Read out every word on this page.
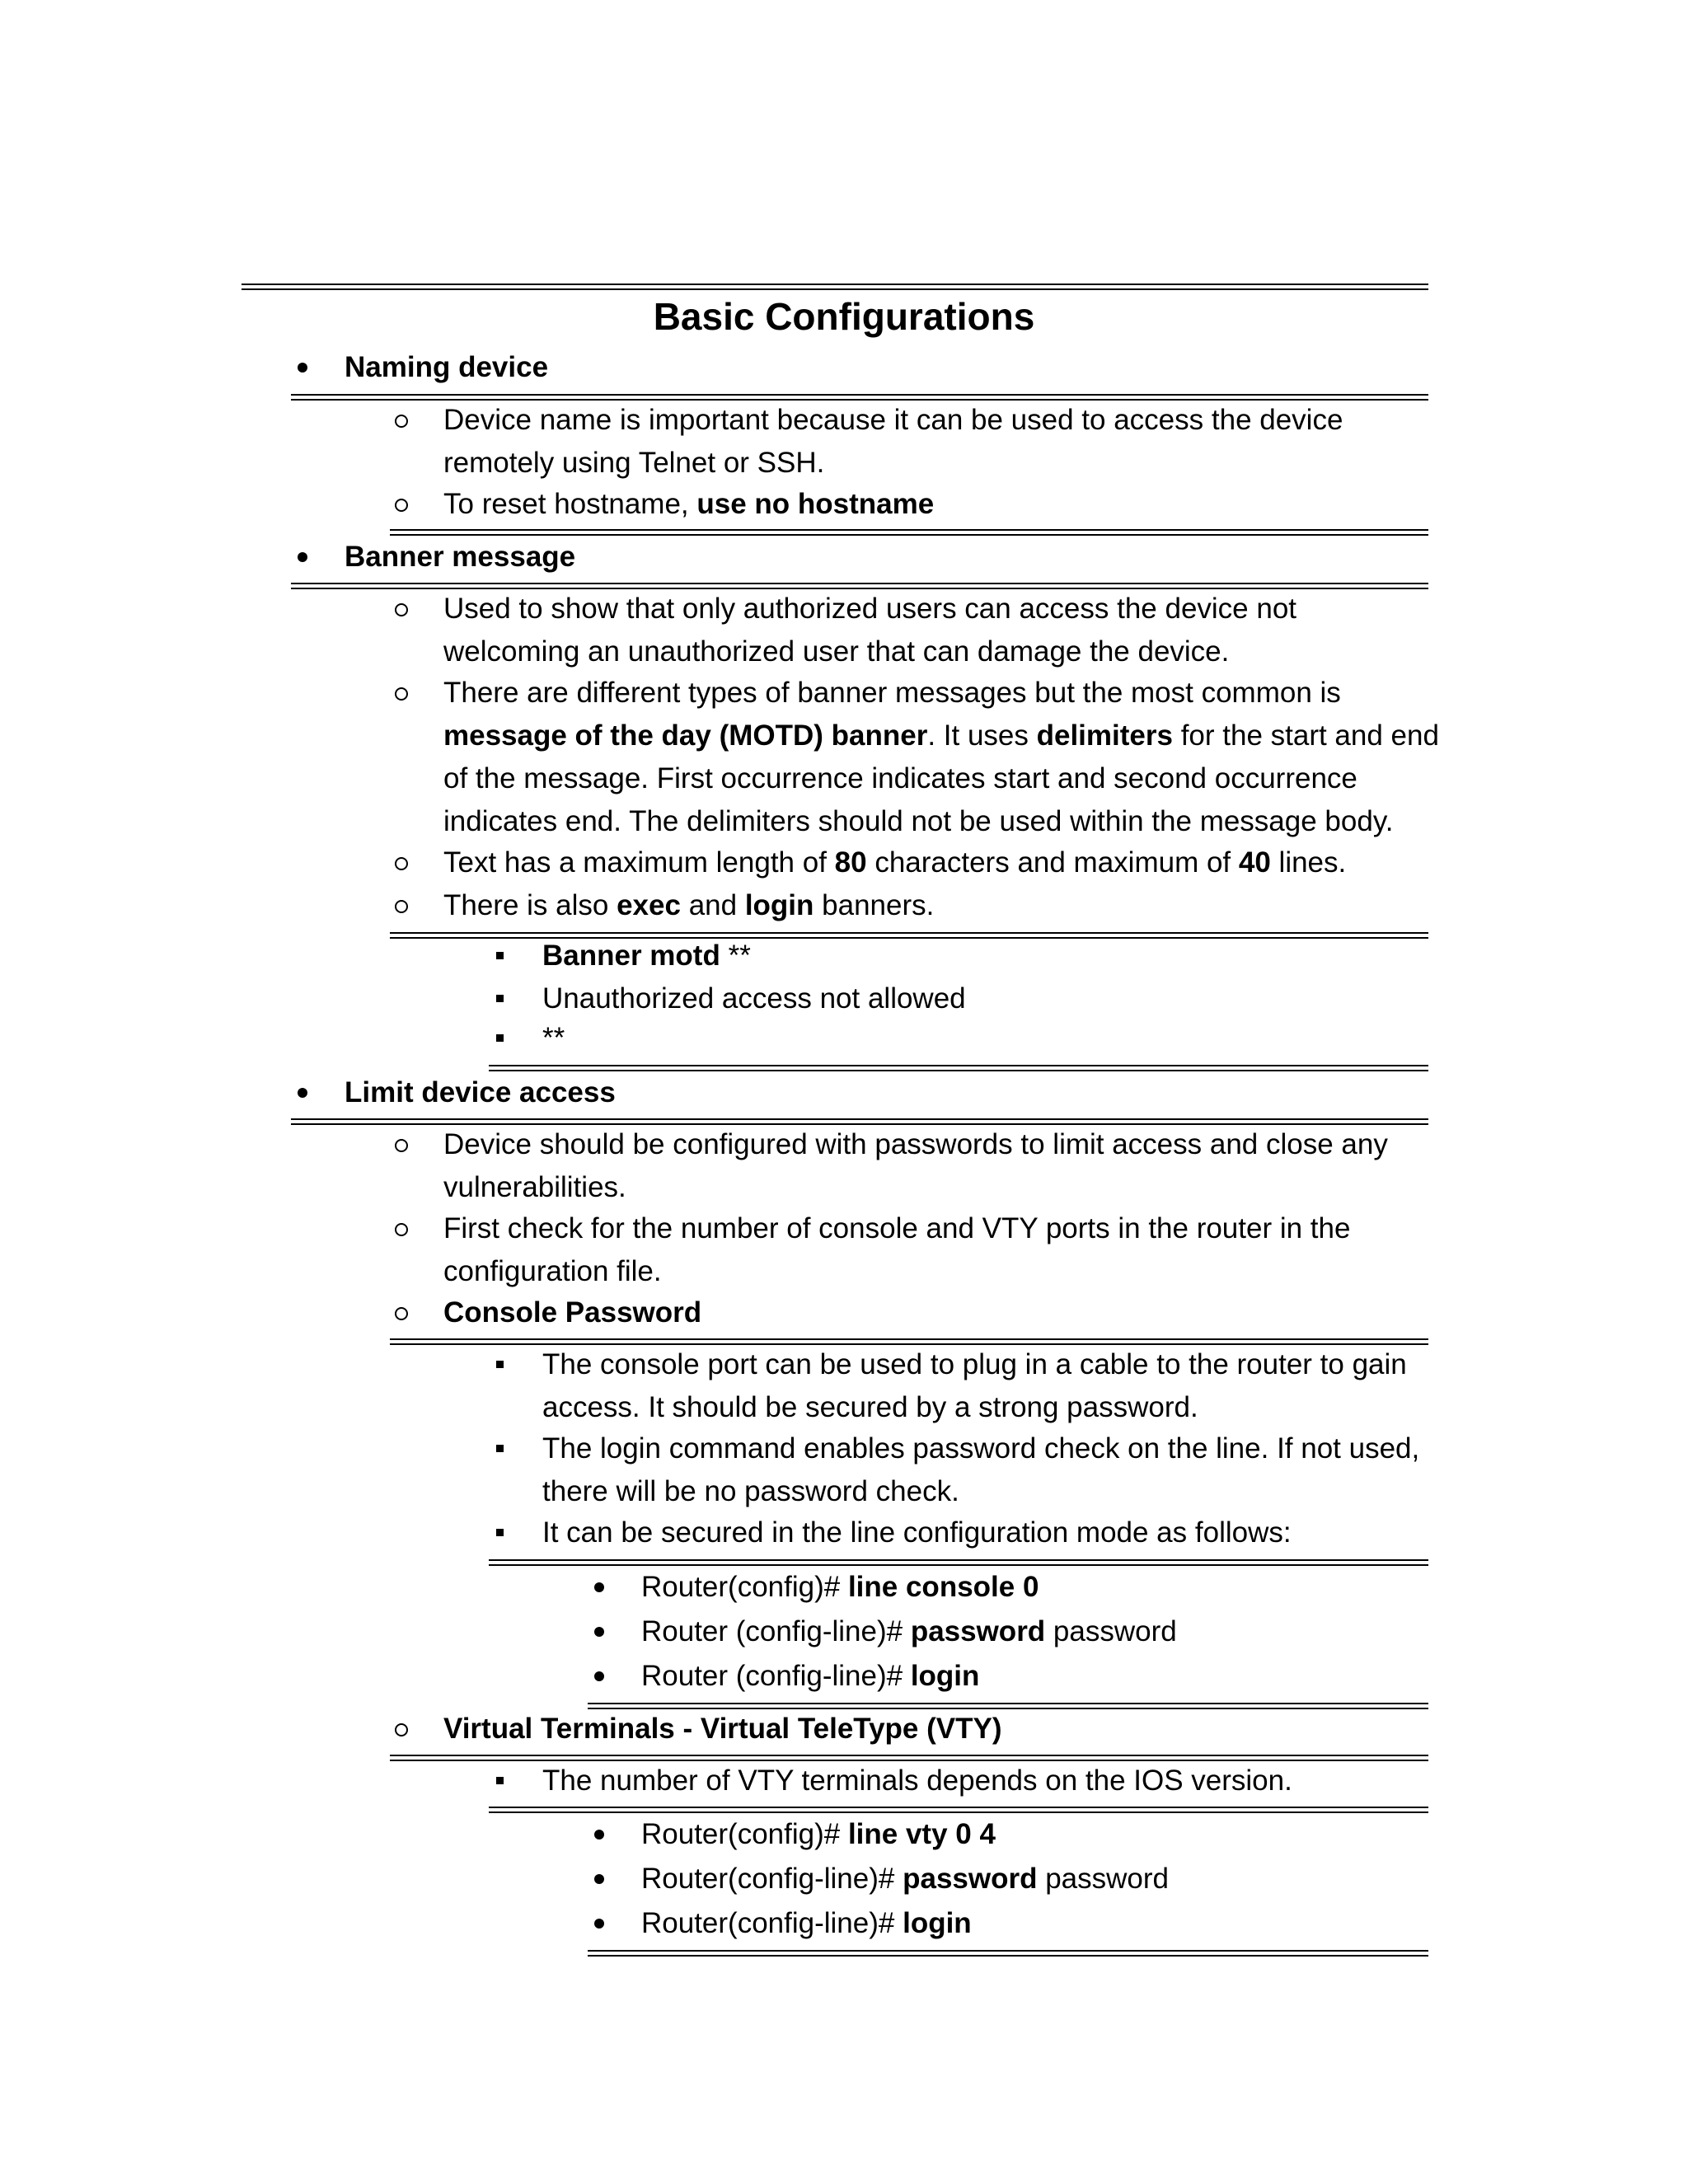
Basic Configurations
Naming device
Device name is important because it can be used to access the device remotely using Telnet or SSH.
To reset hostname, use no hostname
Banner message
Used to show that only authorized users can access the device not welcoming an unauthorized user that can damage the device.
There are different types of banner messages but the most common is message of the day (MOTD) banner. It uses delimiters for the start and end of the message. First occurrence indicates start and second occurrence indicates end. The delimiters should not be used within the message body.
Text has a maximum length of 80 characters and maximum of 40 lines.
There is also exec and login banners.
Banner motd **
Unauthorized access not allowed
**
Limit device access
Device should be configured with passwords to limit access and close any vulnerabilities.
First check for the number of console and VTY ports in the router in the configuration file.
Console Password
The console port can be used to plug in a cable to the router to gain access. It should be secured by a strong password.
The login command enables password check on the line. If not used, there will be no password check.
It can be secured in the line configuration mode as follows:
Router(config)# line console 0
Router (config-line)# password password
Router (config-line)# login
Virtual Terminals - Virtual TeleType (VTY)
The number of VTY terminals depends on the IOS version.
Router(config)# line vty 0 4
Router(config-line)# password password
Router(config-line)# login
